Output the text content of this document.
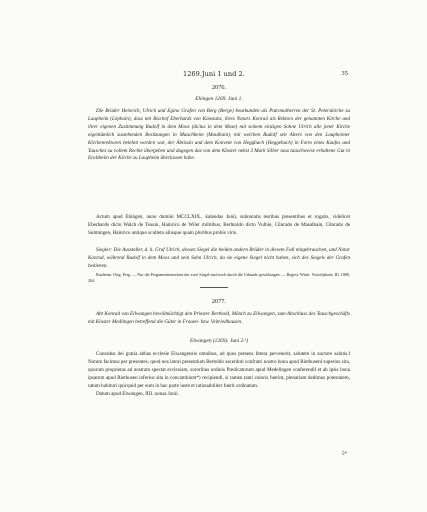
1269. Juni 1 und 2.	35
2076.
Ehingen 1269. Juni 1.
Die Brüder Heinrich, Ulrich und Egino Grafen von Berg (Berge) beurkunden als Patronatherren der St. Peterskirche zu Laupheim (Löphain), dass mit Bischof Eberhards von Konstanz, ihres Notars Konrad als Rektors der genannten Kirche und ihrer eigenen Zustimmung Rudolf in dem Moos (dictus in dem Mose) mit seinem einzigen Sohne Ulrich alle jener Kirche eigentümlich zustehenden Besitzungen in Mauchheim (Maulhain), mit welchen Rudolf seit Alters von den Laupheimer Kirchenrektoren belehnt worden war, der Äbtissin und dem Konvent von Heggbach (Heggebach) in Form eines Kaufes und Tausches zu vollem Rechte übergeben und dagegen das von dem Kloster nebst 3 Mark Silber taus tauschweise erhaltene Gut in Erolzheim der Kirche zu Laupheim überlassen habe.
Actum apud Ehingen, anno domini MCCLXIX., kalendas Junii, subnotatis testibus presentibus et rogatis, videlicet Eberhardo dicto Walch de Tussin, Hainrico de Wiler militibus, Berhtoldo dicto Vulhie, Cůnrado de Masalhain, Cůnrado de Sulmingen, Hainrico antiquo sculteto aliisque quam pluribus probis viris.
Siegler: Die Aussteller, d. h. Graf Ulrich, dessen Siegel die beiden andern Brüder in diesem Fall mitgebrauchen, und Notar Konrad, während Rudolf in dem Moos und sein Sohn Ulrich, da sie eigene Siegel nicht haben, sich des Siegels der Grafen bedienen.
Buxheim. Orig. Perg. — Nur die Pergamentriemchen der zwei Siegel sind noch durch die Urkunde geschlungen. — Regest: Württ. Vierteljahrsh. III. 1880, 204.
2077.
Abt Konrad von Ellwangen bevollmächtigt den Priester Berthold, Mönch zu Ellwangen, zum Abschluss des Tauschgeschäfts mit Kloster Medlingen betreffend die Güter in Frauen- bzw. Veitriedhausen.
Elwangen (1269). Juni 2.¹)
Cunradus dei gratia abbas ecclesie Elwangensis omnibus, ad quos presens littera pervenerit, salutem in auctore salutis.‖ Notum facimus per presentes, quod nos latori presentium Bertoldo sacerdoti confratri nostro bona apud Riethusen‖ superius sita, quorum proprietas ad nostram spectat ecclesiam, sororibus ordinis Predicatorum apud Medelingen conferendi‖ et ab ipsis bona ipsarum apud Riethusen inferius sita in concambium*) recipiendi, si tamen tanti valoris fuerint, plenariam dedimus potestatem, ratum habituri quicquid per eum in hac parte iuste et rationabiliter fuerit ordinatum.
Datum apud Elwangen, IIII. nonas Junii.
5*
